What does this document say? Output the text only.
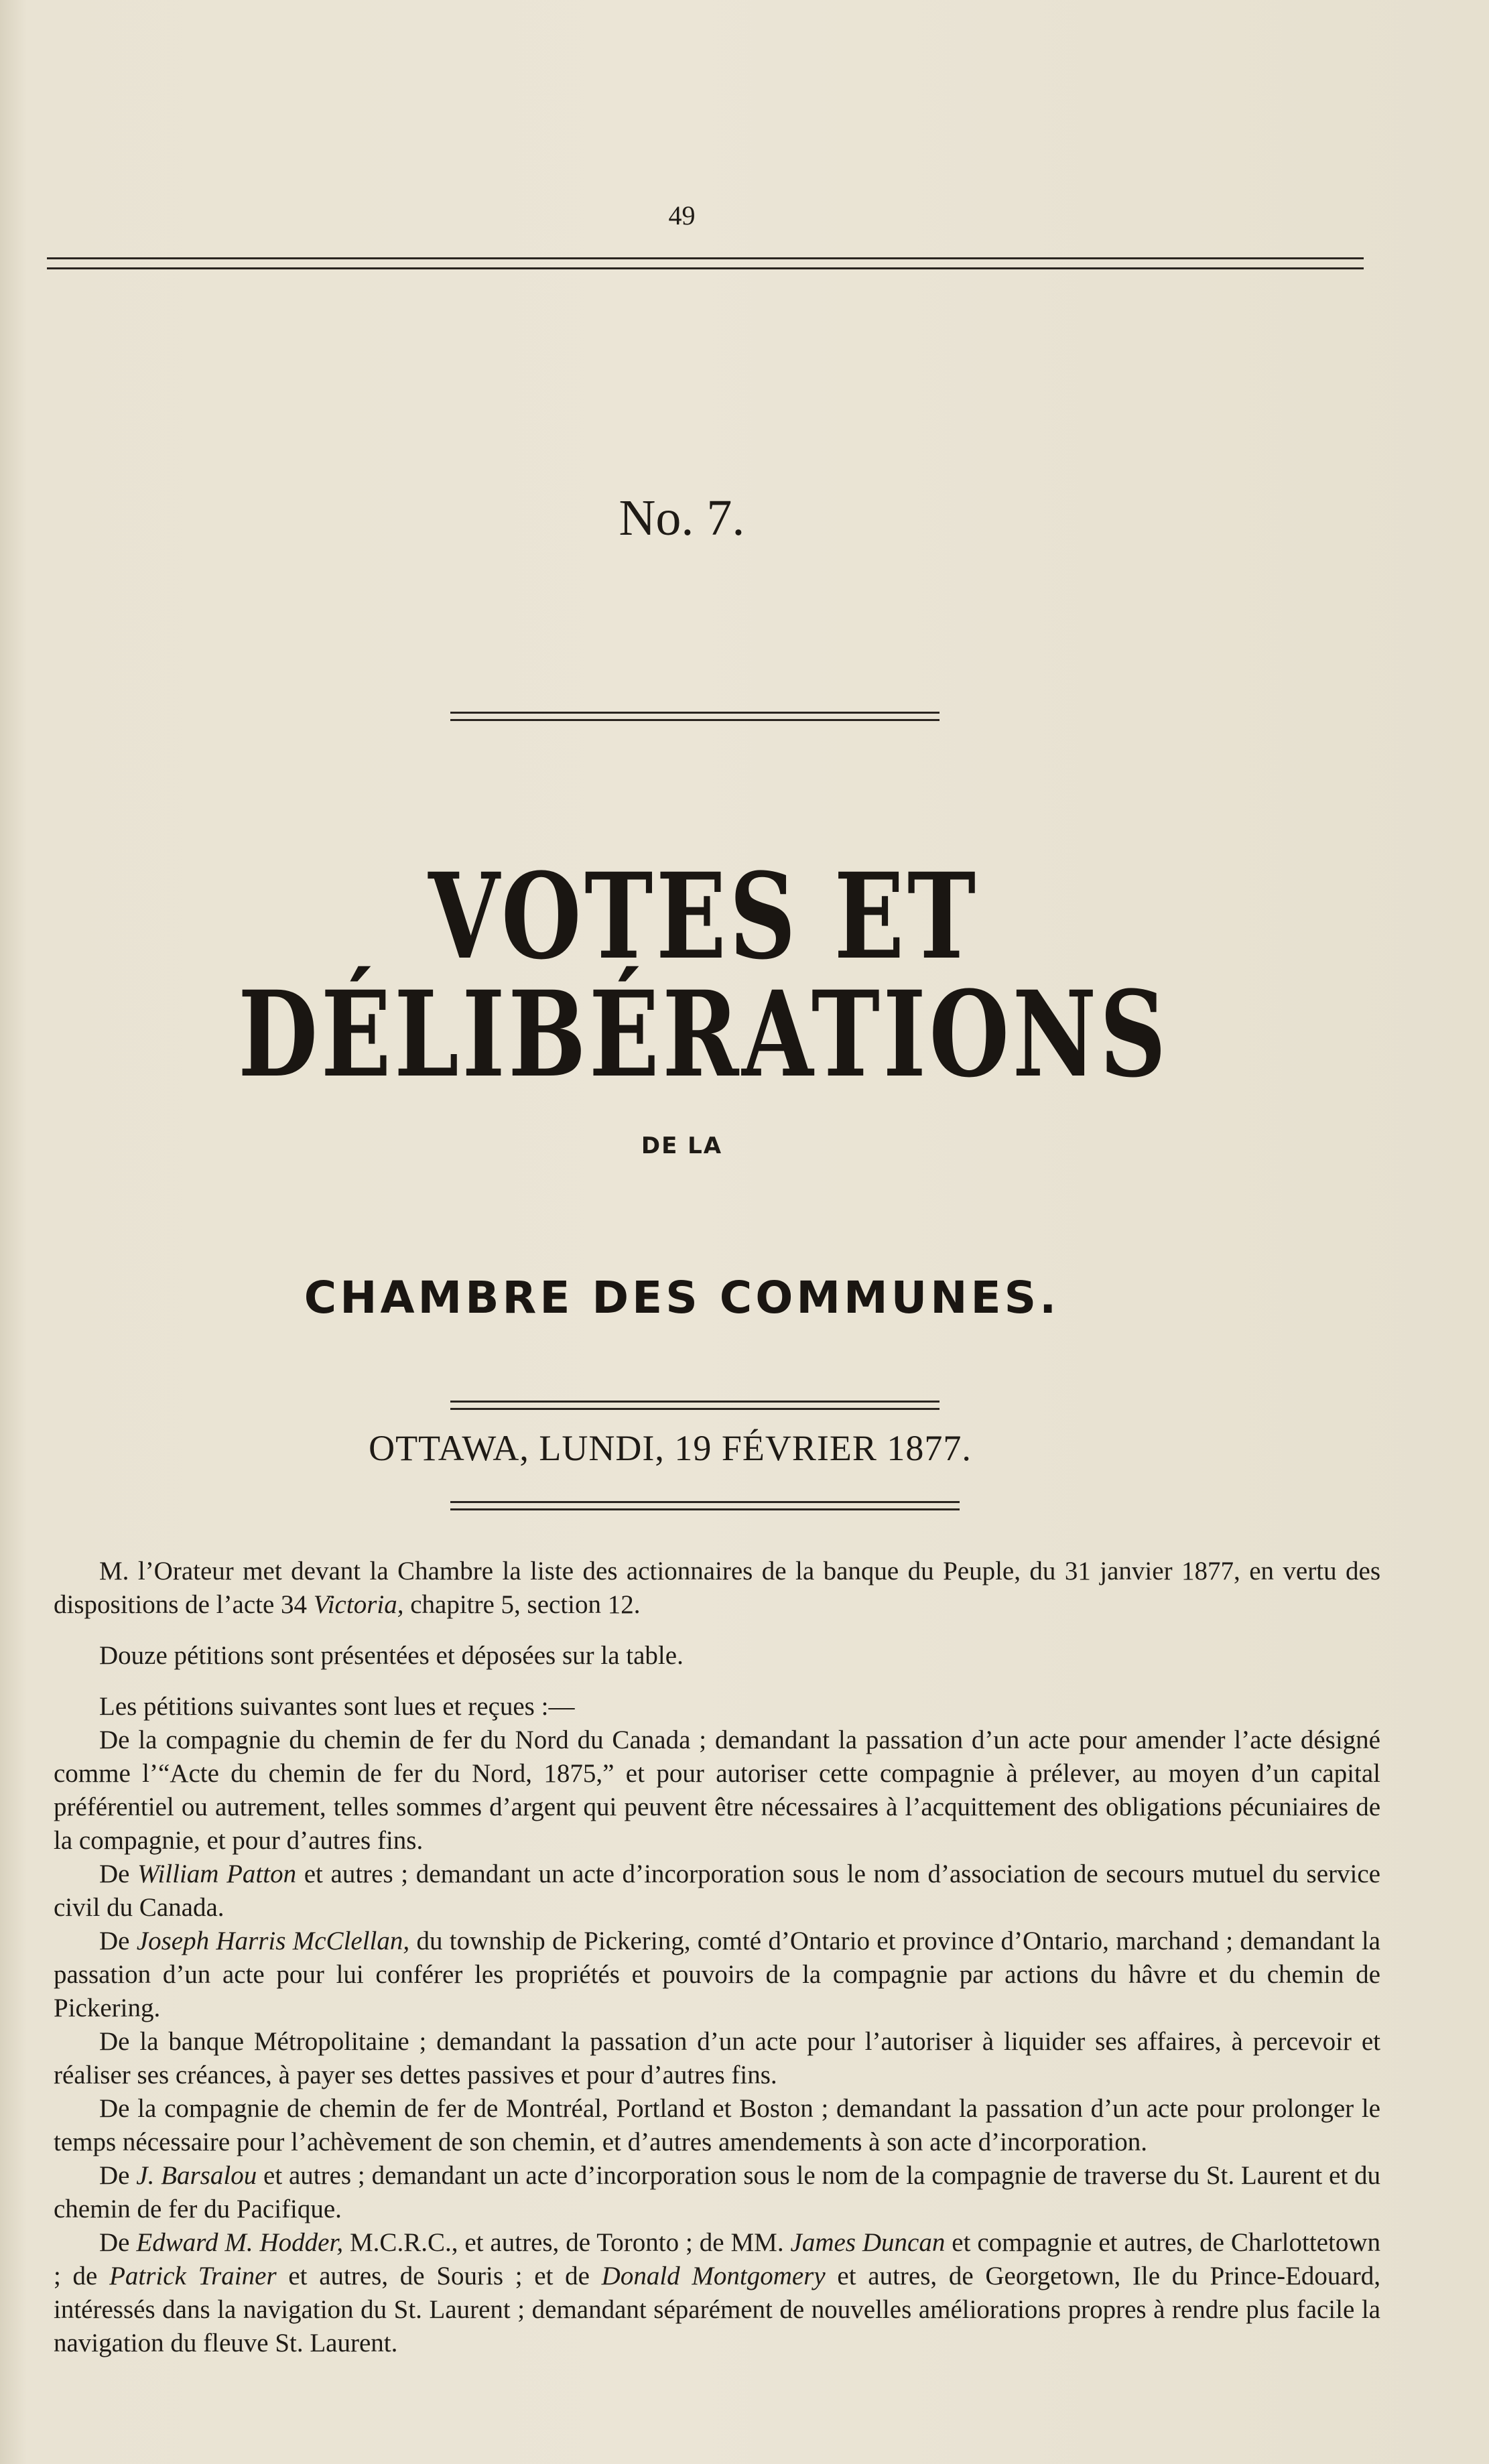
49
No. 7.
VOTES ET DÉLIBÉRATIONS
DE LA
CHAMBRE DES COMMUNES.
OTTAWA, LUNDI, 19 FÉVRIER 1877.

M. l’Orateur met devant la Chambre la liste des actionnaires de la banque du Peuple, du 31 janvier 1877, en vertu des dispositions de l’acte 34 Victoria, chapitre 5, section 12.

Douze pétitions sont présentées et déposées sur la table.

Les pétitions suivantes sont lues et reçues :—

De la compagnie du chemin de fer du Nord du Canada ; demandant la passation d’un acte pour amender l’acte désigné comme l’“Acte du chemin de fer du Nord, 1875,” et pour autoriser cette compagnie à prélever, au moyen d’un capital préférentiel ou autrement, telles sommes d’argent qui peuvent être nécessaires à l’acquittement des obligations pécuniaires de la compagnie, et pour d’autres fins.

De William Patton et autres ; demandant un acte d’incorporation sous le nom d’association de secours mutuel du service civil du Canada.

De Joseph Harris McClellan, du township de Pickering, comté d’Ontario et province d’Ontario, marchand ; demandant la passation d’un acte pour lui conférer les propriétés et pouvoirs de la compagnie par actions du hâvre et du chemin de Pickering.

De la banque Métropolitaine ; demandant la passation d’un acte pour l’autoriser à liquider ses affaires, à percevoir et réaliser ses créances, à payer ses dettes passives et pour d’autres fins.

De la compagnie de chemin de fer de Montréal, Portland et Boston ; demandant la passation d’un acte pour prolonger le temps nécessaire pour l’achèvement de son chemin, et d’autres amendements à son acte d’incorporation.

De J. Barsalou et autres ; demandant un acte d’incorporation sous le nom de la compagnie de traverse du St. Laurent et du chemin de fer du Pacifique.

De Edward M. Hodder, M.C.R.C., et autres, de Toronto ; de MM. James Duncan et compagnie et autres, de Charlottetown ; de Patrick Trainer et autres, de Souris ; et de Donald Montgomery et autres, de Georgetown, Ile du Prince-Edouard, intéressés dans la navigation du St. Laurent ; demandant séparément de nouvelles améliorations propres à rendre plus facile la navigation du fleuve St. Laurent.
